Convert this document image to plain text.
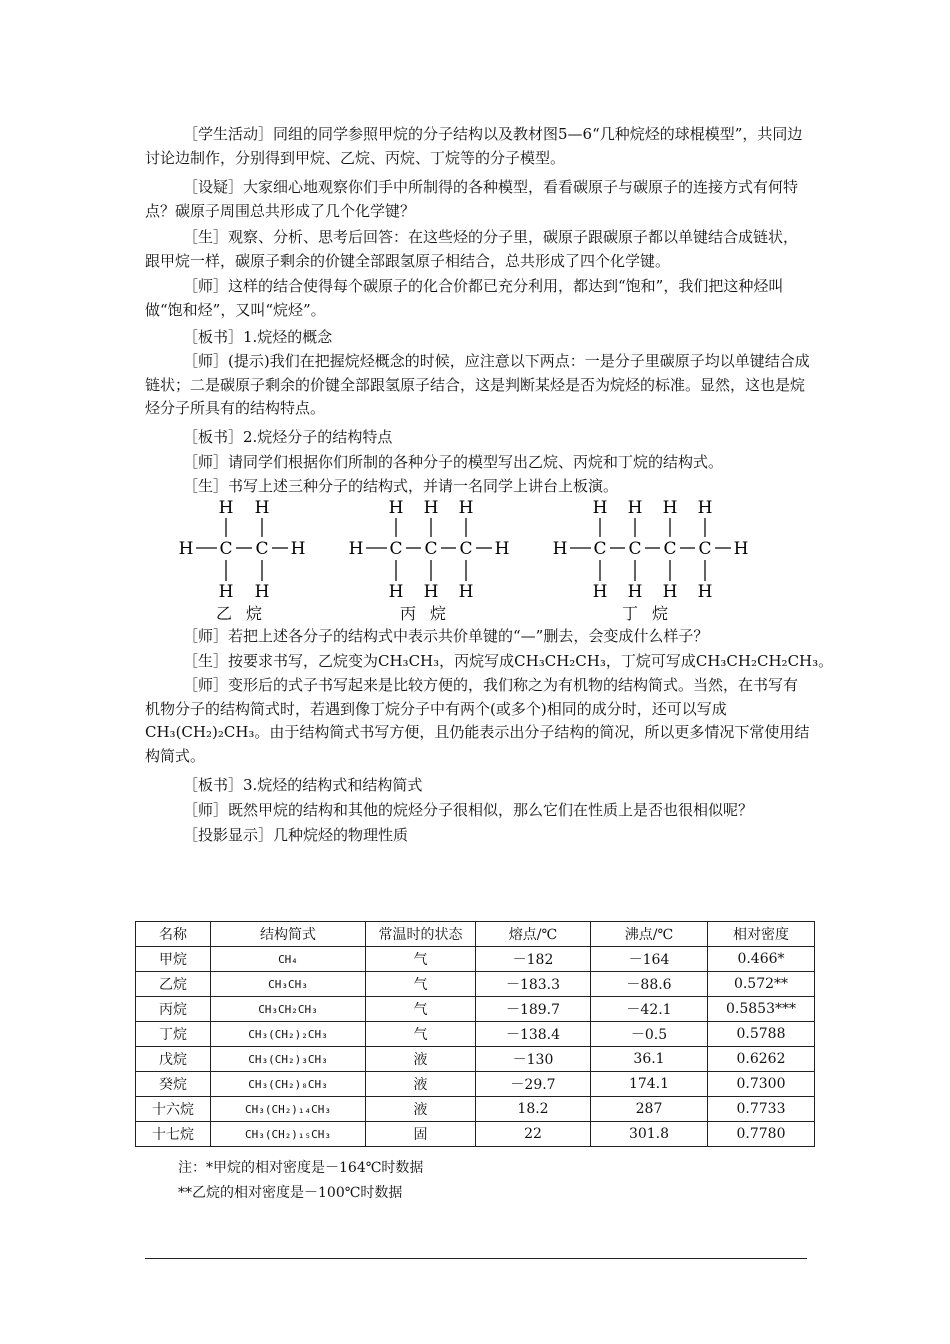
［学生活动］同组的同学参照甲烷的分子结构以及教材图5—6“几种烷烃的球棍模型”，共同边讨论边制作，分别得到甲烷、乙烷、丙烷、丁烷等的分子模型。
［设疑］大家细心地观察你们手中所制得的各种模型，看看碳原子与碳原子的连接方式有何特点？碳原子周围总共形成了几个化学键？
［生］观察、分析、思考后回答：在这些烃的分子里，碳原子跟碳原子都以单键结合成链状，跟甲烷一样，碳原子剩余的价键全部跟氢原子相结合，总共形成了四个化学键。
［师］这样的结合使得每个碳原子的化合价都已充分利用，都达到“饱和”，我们把这种烃叫做“饱和烃”，又叫“烷烃”。
［板书］1.烷烃的概念
［师］(提示)我们在把握烷烃概念的时候，应注意以下两点：一是分子里碳原子均以单键结合成链状；二是碳原子剩余的价键全部跟氢原子结合，这是判断某烃是否为烷烃的标准。显然，这也是烷烃分子所具有的结构特点。
［板书］2.烷烃分子的结构特点
［师］请同学们根据你们所制的各种分子的模型写出乙烷、丙烷和丁烷的结构式。
［生］书写上述三种分子的结构式，并请一名同学上讲台上板演。
H C
H
H
C
H
H
H	H C
H
H
C
H
H
C
H
H
H	H C
H
H
C
H
H
C
H
H
C
H
H
H
乙烷	丙烷	丁烷
［师］若把上述各分子的结构式中表示共价单键的“—”删去，会变成什么样子？
［生］按要求书写，乙烷变为CH₃CH₃，丙烷写成CH₃CH₂CH₃，丁烷可写成CH₃CH₂CH₂CH₃。
［师］变形后的式子书写起来是比较方便的，我们称之为有机物的结构简式。当然，在书写有机物分子的结构简式时，若遇到像丁烷分子中有两个(或多个)相同的成分时，还可以写成CH₃(CH₂)₂CH₃。由于结构简式书写方便，且仍能表示出分子结构的简况，所以更多情况下常使用结构简式。
［板书］3.烷烃的结构式和结构简式
［师］既然甲烷的结构和其他的烷烃分子很相似，那么它们在性质上是否也很相似呢？
［投影显示］几种烷烃的物理性质
名称	结构简式	常温时的状态	熔点/℃	沸点/℃	相对密度
甲烷	CH₄	气	－182	－164	0.466*
乙烷	CH₃CH₃	气	－183.3	－88.6	0.572**
丙烷	CH₃CH₂CH₃	气	－189.7	－42.1	0.5853***
丁烷	CH₃(CH₂)₂CH₃	气	－138.4	－0.5	0.5788
戊烷	CH₃(CH₂)₃CH₃	液	－130	36.1	0.6262
癸烷	CH₃(CH₂)₈CH₃	液	－29.7	174.1	0.7300
十六烷	CH₃(CH₂)₁₄CH₃	液	18.2	287	0.7733
十七烷	CH₃(CH₂)₁₅CH₃	固	22	301.8	0.7780
注：*甲烷的相对密度是－164℃时数据
**乙烷的相对密度是－100℃时数据
